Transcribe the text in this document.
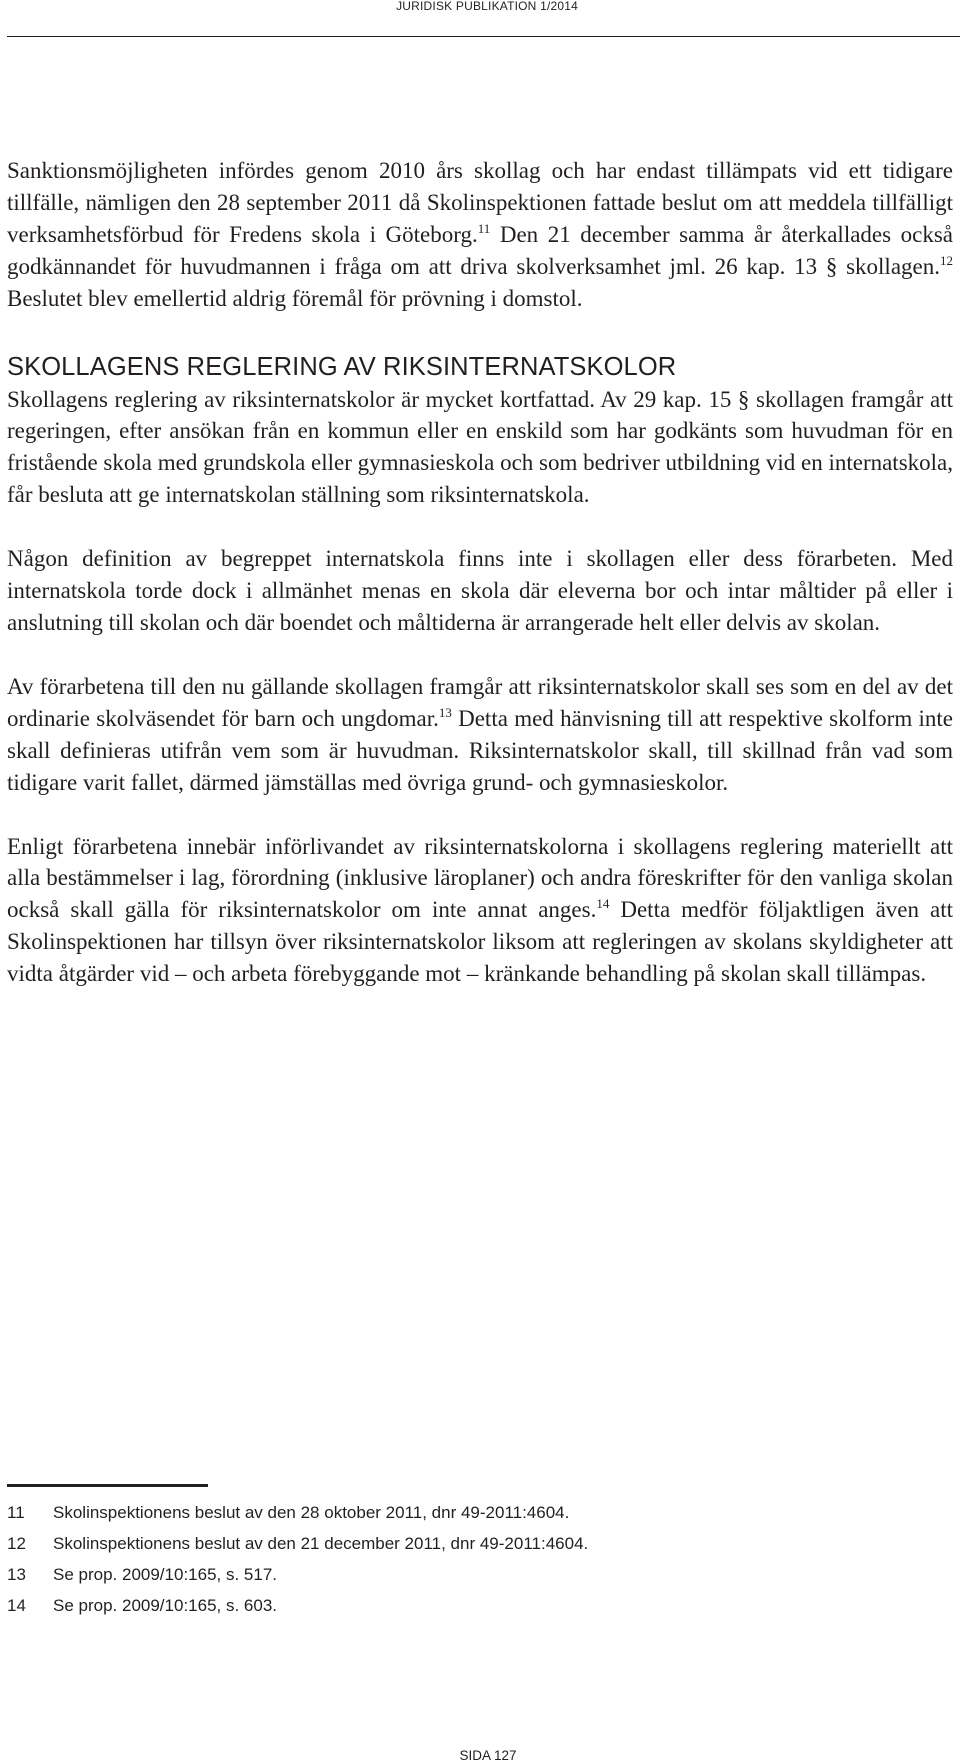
JURIDISK PUBLIKATION 1/2014

Sanktionsmöjligheten infördes genom 2010 års skollag och har endast tillämpats vid ett tidigare tillfälle, nämligen den 28 september 2011 då Skolinspektionen fattade beslut om att meddela tillfälligt verksamhetsförbud för Fredens skola i Göteborg.$^{11}$ Den 21 december samma år återkallades också godkännandet för huvudmannen i fråga om att driva skolverksamhet jml. 26 kap. 13 § skollagen.$^{12}$ Beslutet blev emellertid aldrig föremål för prövning i domstol.

SKOLLAGENS REGLERING AV RIKSINTERNATSKOLOR

Skollagens reglering av riksinternatskolor är mycket kortfattad. Av 29 kap. 15 § skollagen framgår att regeringen, efter ansökan från en kommun eller en enskild som har godkänts som huvudman för en fristående skola med grundskola eller gymnasieskola och som bedriver utbildning vid en internatskola, får besluta att ge internatskolan ställning som riksinternatskola.

Någon definition av begreppet internatskola finns inte i skollagen eller dess förarbeten. Med internatskola torde dock i allmänhet menas en skola där eleverna bor och intar måltider på eller i anslutning till skolan och där boendet och måltiderna är arrangerade helt eller delvis av skolan.

Av förarbetena till den nu gällande skollagen framgår att riksinternatskolor skall ses som en del av det ordinarie skolväsendet för barn och ungdomar.$^{13}$ Detta med hänvisning till att respektive skolform inte skall definieras utifrån vem som är huvudman. Riksinternatskolor skall, till skillnad från vad som tidigare varit fallet, därmed jämställas med övriga grund- och gymnasieskolor.

Enligt förarbetena innebär införlivandet av riksinternatskolorna i skollagens reglering materiellt att alla bestämmelser i lag, förordning (inklusive läroplaner) och andra föreskrifter för den vanliga skolan också skall gälla för riksinternatskolor om inte annat anges.$^{14}$ Detta medför följaktligen även att Skolinspektionen har tillsyn över riksinternatskolor liksom att regleringen av skolans skyldigheter att vidta åtgärder vid – och arbeta förebyggande mot – kränkande behandling på skolan skall tillämpas.

11	Skolinspektionens beslut av den 28 oktober 2011, dnr 49-2011:4604.
12	Skolinspektionens beslut av den 21 december 2011, dnr 49-2011:4604.
13	Se prop. 2009/10:165, s. 517.
14	Se prop. 2009/10:165, s. 603.
SIDA 127
